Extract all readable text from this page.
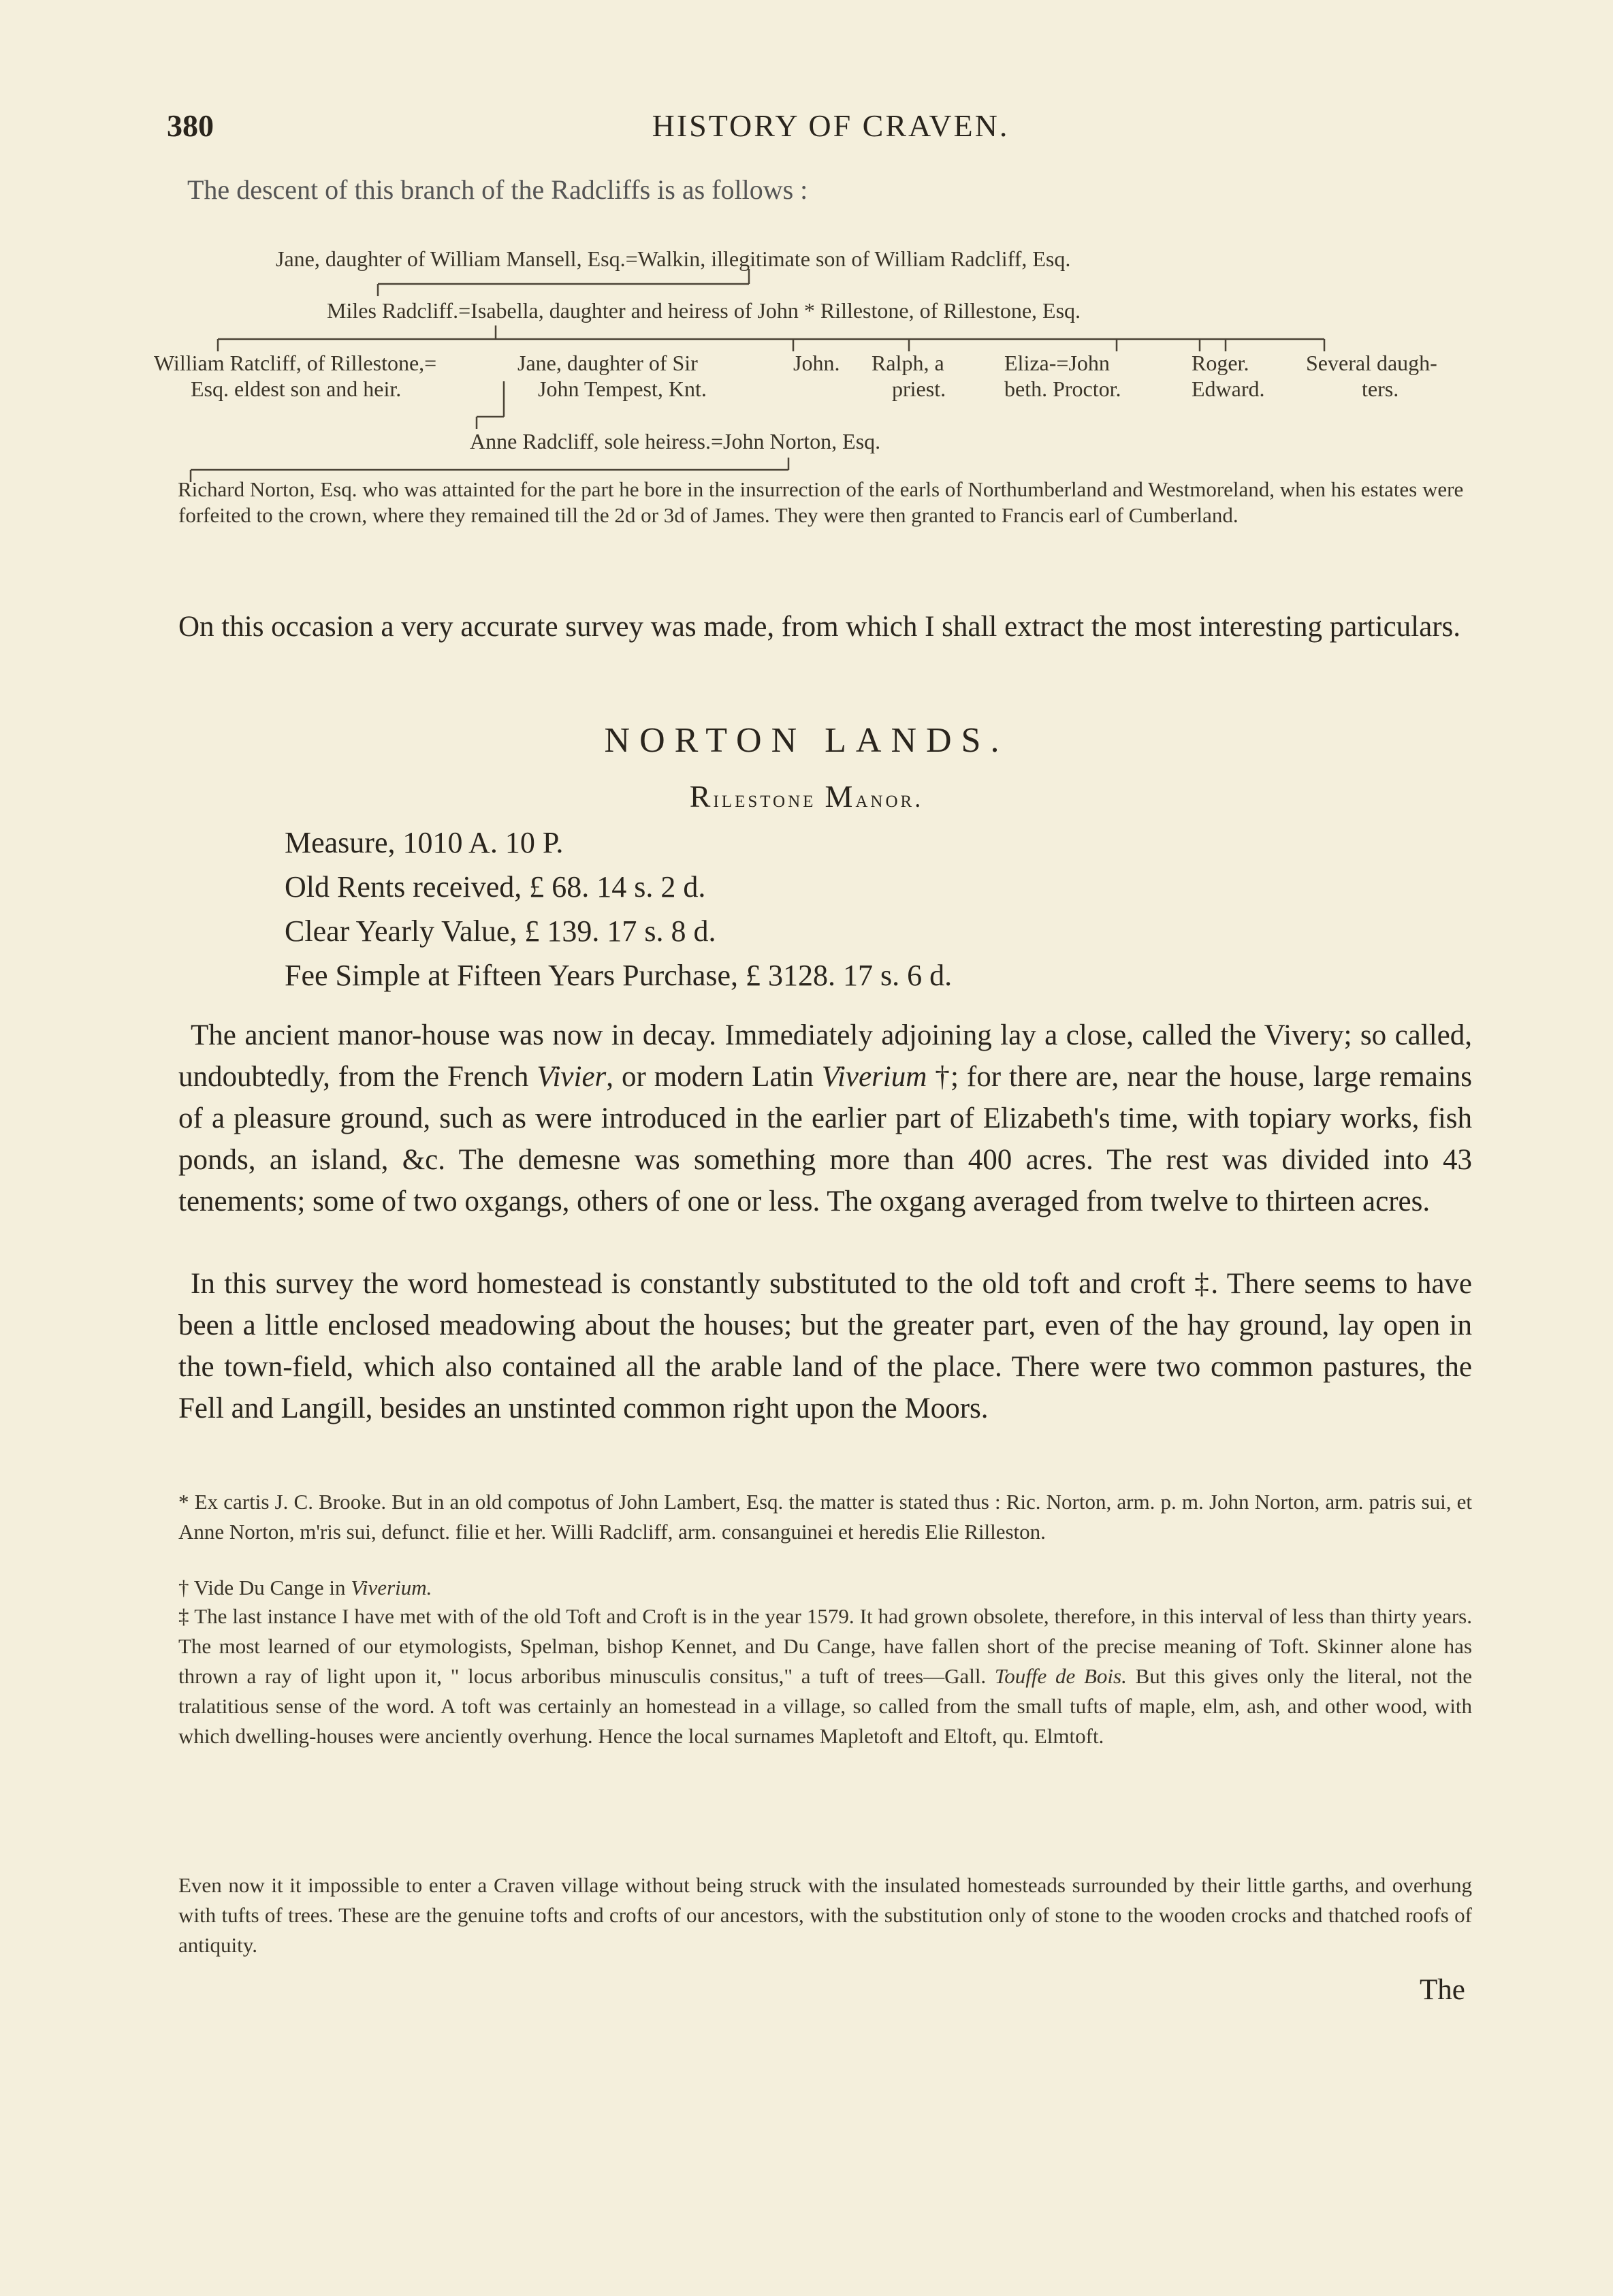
380	HISTORY OF CRAVEN.
The descent of this branch of the Radcliffs is as follows :
Jane, daughter of William Mansell, Esq.=Walkin, illegitimate son of William Radcliff, Esq.
Miles Radcliff.=Isabella, daughter and heiress of John * Rillestone, of Rillestone, Esq.
William Ratcliff, of Rillestone,=
Esq. eldest son and heir.
Jane, daughter of Sir
John Tempest, Knt.
John. Ralph, a
priest.
Eliza-=John
beth. Proctor.
Roger.
Edward.
Several daugh-
ters.
Anne Radcliff, sole heiress.=John Norton, Esq.

Richard Norton, Esq. who was attainted for the part he bore in the insurrection of the earls of Northumberland and Westmoreland, when his estates were forfeited to the crown, where they remained till the 2d or 3d of James. They were then granted to Francis earl of Cumberland.

On this occasion a very accurate survey was made, from which I shall extract the most interesting particulars.

NORTON LANDS.
Rilestone Manor.
Measure, 1010 A. 10 P.
Old Rents received, £ 68. 14 s. 2 d.
Clear Yearly Value, £ 139. 17 s. 8 d.
Fee Simple at Fifteen Years Purchase, £ 3128. 17 s. 6 d.

The ancient manor-house was now in decay. Immediately adjoining lay a close, called the Vivery; so called, undoubtedly, from the French Vivier, or modern Latin Viverium †; for there are, near the house, large remains of a pleasure ground, such as were introduced in the earlier part of Elizabeth's time, with topiary works, fish ponds, an island, &c. The demesne was something more than 400 acres. The rest was divided into 43 tenements; some of two oxgangs, others of one or less. The oxgang averaged from twelve to thirteen acres.

In this survey the word homestead is constantly substituted to the old toft and croft ‡. There seems to have been a little enclosed meadowing about the houses; but the greater part, even of the hay ground, lay open in the town-field, which also contained all the arable land of the place. There were two common pastures, the Fell and Langill, besides an unstinted common right upon the Moors.

* Ex cartis J. C. Brooke. But in an old compotus of John Lambert, Esq. the matter is stated thus : Ric. Norton, arm. p. m. John Norton, arm. patris sui, et Anne Norton, m'ris sui, defunct. filie et her. Willi Radcliff, arm. consanguinei et heredis Elie Rilleston.

† Vide Du Cange in Viverium.

‡ The last instance I have met with of the old Toft and Croft is in the year 1579. It had grown obsolete, therefore, in this interval of less than thirty years. The most learned of our etymologists, Spelman, bishop Kennet, and Du Cange, have fallen short of the precise meaning of Toft. Skinner alone has thrown a ray of light upon it, " locus arboribus minusculis consitus," a tuft of trees—Gall. Touffe de Bois. But this gives only the literal, not the tralatitious sense of the word. A toft was certainly an homestead in a village, so called from the small tufts of maple, elm, ash, and other wood, with which dwelling-houses were anciently overhung. Hence the local surnames Mapletoft and Eltoft, qu. Elmtoft.

Even now it it impossible to enter a Craven village without being struck with the insulated homesteads surrounded by their little garths, and overhung with tufts of trees. These are the genuine tofts and crofts of our ancestors, with the substitution only of stone to the wooden crocks and thatched roofs of antiquity.

The
